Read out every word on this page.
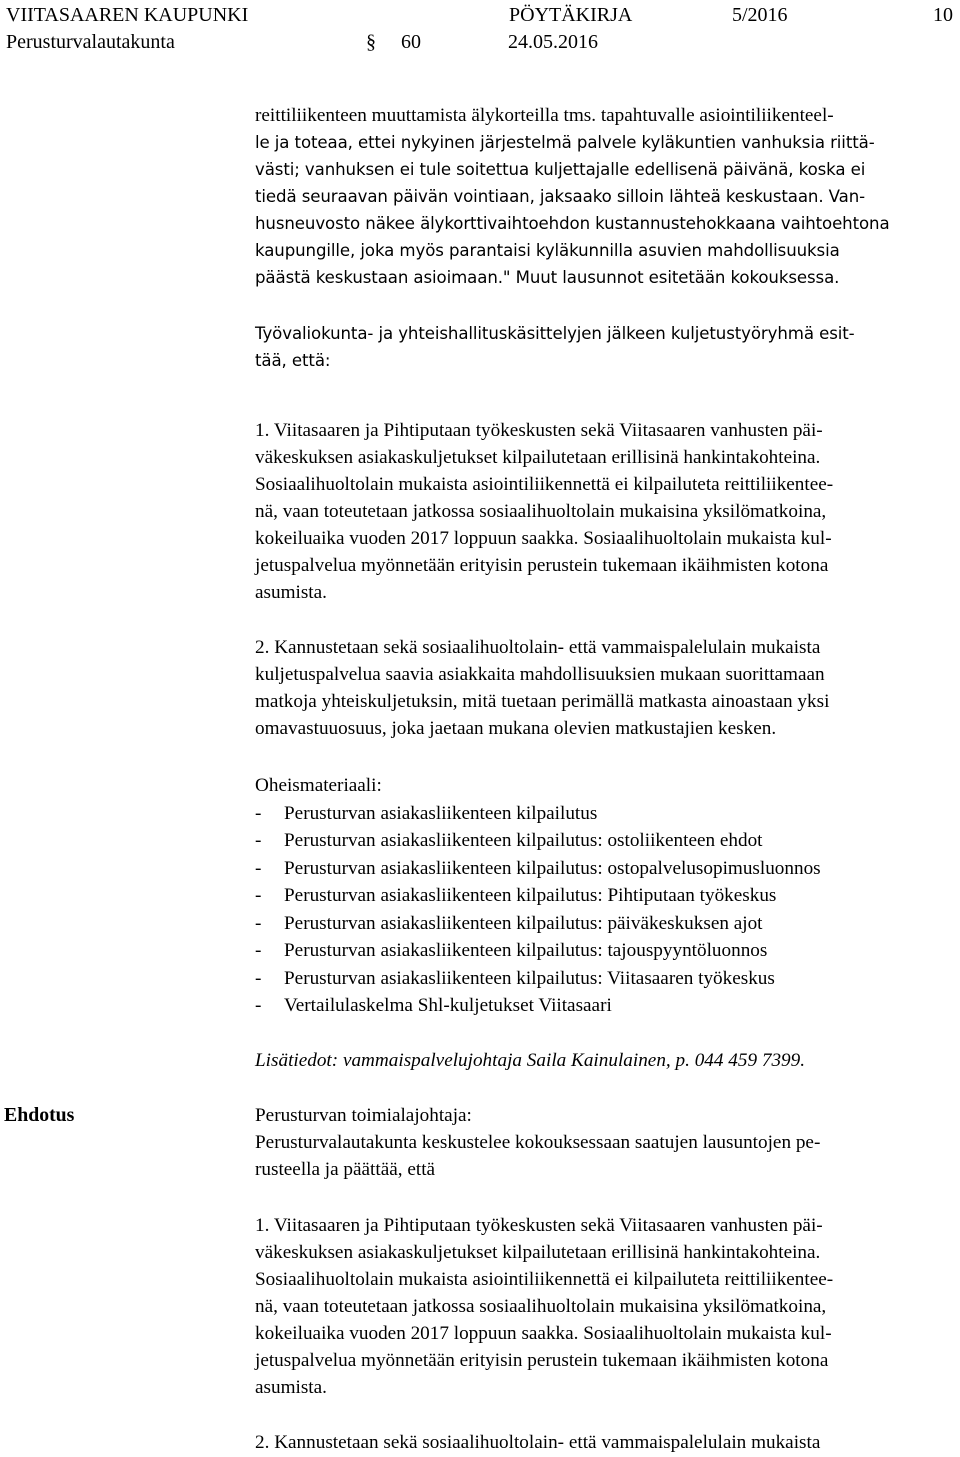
VIITASAAREN KAUPUNKI	PÖYTÄKIRJA	5/2016	10
Perusturvalautakunta	§ 60	24.05.2016
reittiliikenteen muuttamista älykorteilla tms. tapahtuvalle asiointiliikenteel-
le ja toteaa, ettei nykyinen järjestelmä palvele kyläkuntien vanhuksia riittä-
västi; vanhuksen ei tule soitettua kuljettajalle edellisenä päivänä, koska ei
tiedä seuraavan päivän vointiaan, jaksaako silloin lähteä keskustaan. Van-
husneuvosto näkee älykorttivaihtoehdon kustannustehokkaana vaihtoehtona
kaupungille, joka myös parantaisi kyläkunnilla asuvien mahdollisuuksia
päästä keskustaan asioimaan." Muut lausunnot esitetään kokouksessa.
Työvaliokunta- ja yhteishallituskäsittelyjen jälkeen kuljetustyöryhmä esit-
tää, että:
1. Viitasaaren ja Pihtiputaan työkeskusten sekä Viitasaaren vanhusten päi-
väkeskuksen asiakaskuljetukset kilpailutetaan erillisinä hankintakohteina.
Sosiaalihuoltolain mukaista asiointiliikennettä ei kilpailuteta reittiliikentee-
nä, vaan toteutetaan jatkossa sosiaalihuoltolain mukaisina yksilömatkoina,
kokeiluaika vuoden 2017 loppuun saakka. Sosiaalihuoltolain mukaista kul-
jetuspalvelua myönnetään erityisin perustein tukemaan ikäihmisten kotona
asumista.
2. Kannustetaan sekä sosiaalihuoltolain- että vammaispalelulain mukaista
kuljetuspalvelua saavia asiakkaita mahdollisuuksien mukaan suorittamaan
matkoja yhteiskuljetuksin, mitä tuetaan perimällä matkasta ainoastaan yksi
omavastuuosuus, joka jaetaan mukana olevien matkustajien kesken.
Oheismateriaali:
- Perusturvan asiakasliikenteen kilpailutus
- Perusturvan asiakasliikenteen kilpailutus: ostoliikenteen ehdot
- Perusturvan asiakasliikenteen kilpailutus: ostopalvelusopimusluonnos
- Perusturvan asiakasliikenteen kilpailutus: Pihtiputaan työkeskus
- Perusturvan asiakasliikenteen kilpailutus: päiväkeskuksen ajot
- Perusturvan asiakasliikenteen kilpailutus: tajouspyyntöluonnos
- Perusturvan asiakasliikenteen kilpailutus: Viitasaaren työkeskus
- Vertailulaskelma Shl-kuljetukset Viitasaari
Lisätiedot: vammaispalvelujohtaja Saila Kainulainen, p. 044 459 7399.
Ehdotus	Perusturvan toimialajohtaja:
Perusturvalautakunta keskustelee kokouksessaan saatujen lausuntojen pe-
rusteella ja päättää, että
1. Viitasaaren ja Pihtiputaan työkeskusten sekä Viitasaaren vanhusten päi-
väkeskuksen asiakaskuljetukset kilpailutetaan erillisinä hankintakohteina.
Sosiaalihuoltolain mukaista asiointiliikennettä ei kilpailuteta reittiliikentee-
nä, vaan toteutetaan jatkossa sosiaalihuoltolain mukaisina yksilömatkoina,
kokeiluaika vuoden 2017 loppuun saakka. Sosiaalihuoltolain mukaista kul-
jetuspalvelua myönnetään erityisin perustein tukemaan ikäihmisten kotona
asumista.
2. Kannustetaan sekä sosiaalihuoltolain- että vammaispalelulain mukaista
